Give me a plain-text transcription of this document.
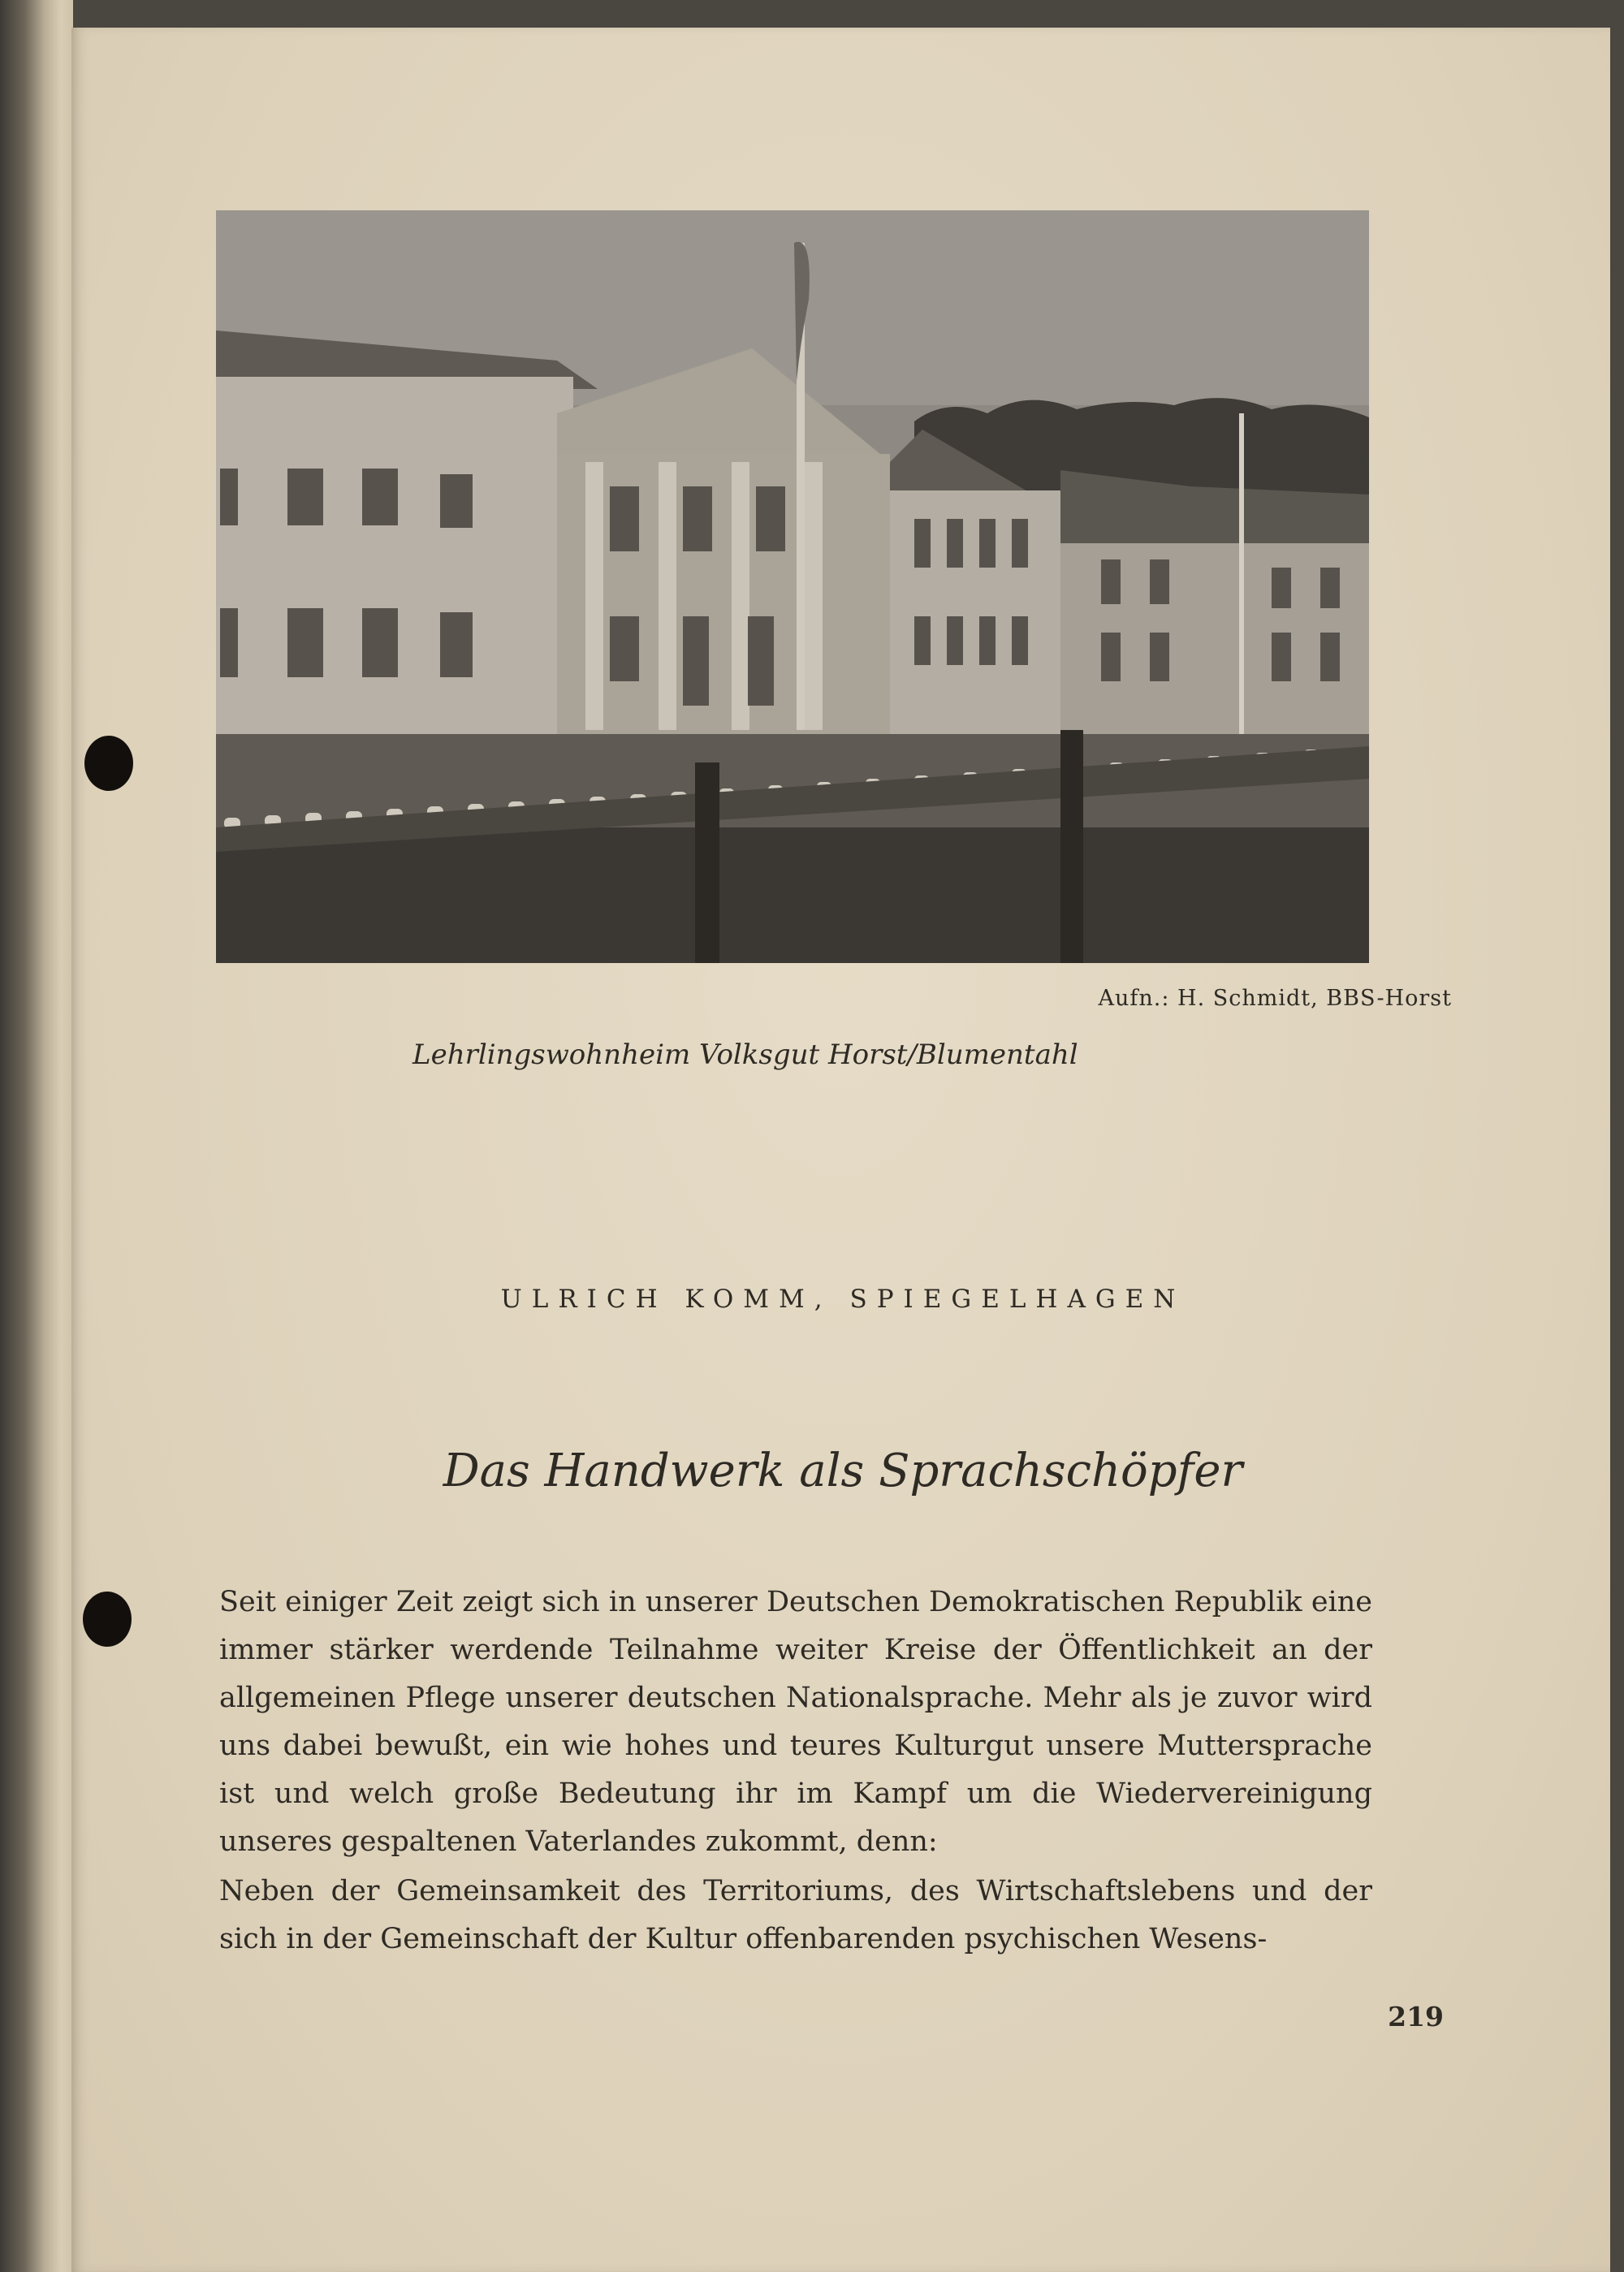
Aufn.: H. Schmidt, BBS-Horst
Lehrlingswohnheim Volksgut Horst/Blumentahl
ULRICH KOMM, SPIEGELHAGEN
Das Handwerk als Sprachschöpfer

Seit einiger Zeit zeigt sich in unserer Deutschen Demokratischen Republik eine immer stärker werdende Teilnahme weiter Kreise der Öffentlichkeit an der allgemeinen Pflege unserer deutschen Nationalsprache. Mehr als je zuvor wird uns dabei bewußt, ein wie hohes und teures Kulturgut unsere Muttersprache ist und welch große Bedeutung ihr im Kampf um die Wiedervereinigung unseres gespaltenen Vaterlandes zukommt, denn:

Neben der Gemeinsamkeit des Territoriums, des Wirtschaftslebens und der sich in der Gemeinschaft der Kultur offenbarenden psychischen Wesens-

219
